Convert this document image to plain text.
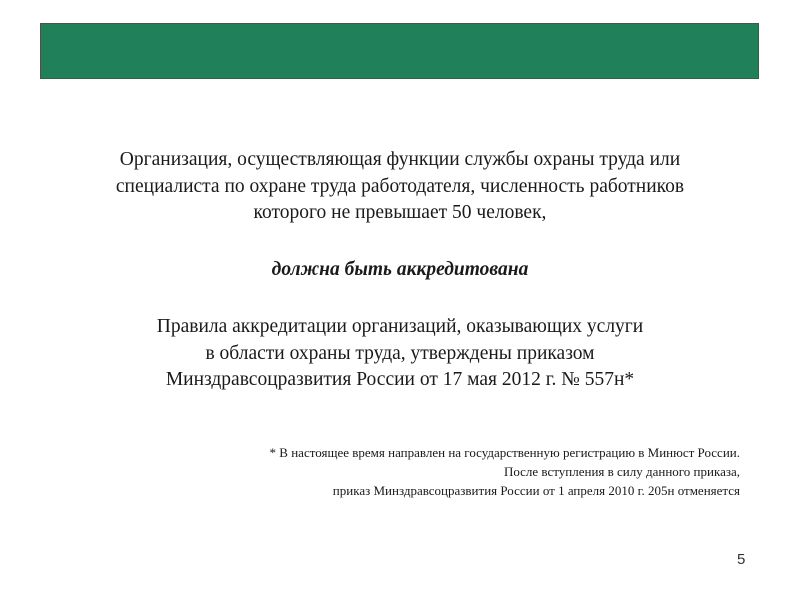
Организация, осуществляющая функции службы охраны труда или
специалиста по охране труда работодателя, численность работников
которого не превышает 50 человек,

должна быть аккредитована

Правила аккредитации организаций, оказывающих услуги
в области охраны труда, утверждены приказом
Минздравсоцразвития России от 17 мая 2012 г. № 557н*

* В настоящее время направлен на государственную регистрацию в Минюст России.
После вступления в силу данного приказа,
приказ Минздравсоцразвития России от 1 апреля 2010 г. 205н отменяется

5
